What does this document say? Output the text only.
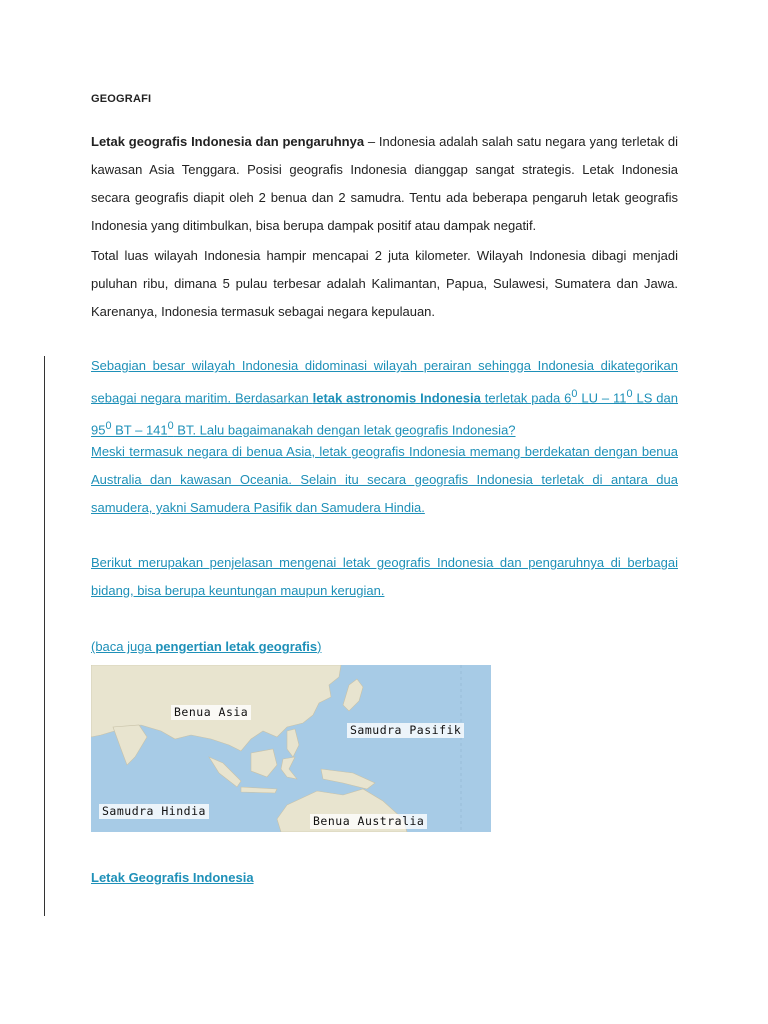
GEOGRAFI

Letak geografis Indonesia dan pengaruhnya – Indonesia adalah salah satu negara yang terletak di kawasan Asia Tenggara. Posisi geografis Indonesia dianggap sangat strategis. Letak Indonesia secara geografis diapit oleh 2 benua dan 2 samudra. Tentu ada beberapa pengaruh letak geografis Indonesia yang ditimbulkan, bisa berupa dampak positif atau dampak negatif.

Total luas wilayah Indonesia hampir mencapai 2 juta kilometer. Wilayah Indonesia dibagi menjadi puluhan ribu, dimana 5 pulau terbesar adalah Kalimantan, Papua, Sulawesi, Sumatera dan Jawa. Karenanya, Indonesia termasuk sebagai negara kepulauan.

Sebagian besar wilayah Indonesia didominasi wilayah perairan sehingga Indonesia dikategorikan sebagai negara maritim. Berdasarkan letak astronomis Indonesia terletak pada $6^0$ LU – $11^0$ LS dan $95^0$ BT – $141^0$ BT. Lalu bagaimanakah dengan letak geografis Indonesia?

Meski termasuk negara di benua Asia, letak geografis Indonesia memang berdekatan dengan benua Australia dan kawasan Oceania. Selain itu secara geografis Indonesia terletak di antara dua samudera, yakni Samudera Pasifik dan Samudera Hindia.

Berikut merupakan penjelasan mengenai letak geografis Indonesia dan pengaruhnya di berbagai bidang, bisa berupa keuntungan maupun kerugian.

(baca juga pengertian letak geografis)

Benua Asia
Samudra Pasifik
Samudra Hindia
Benua Australia

Letak Geografis Indonesia
